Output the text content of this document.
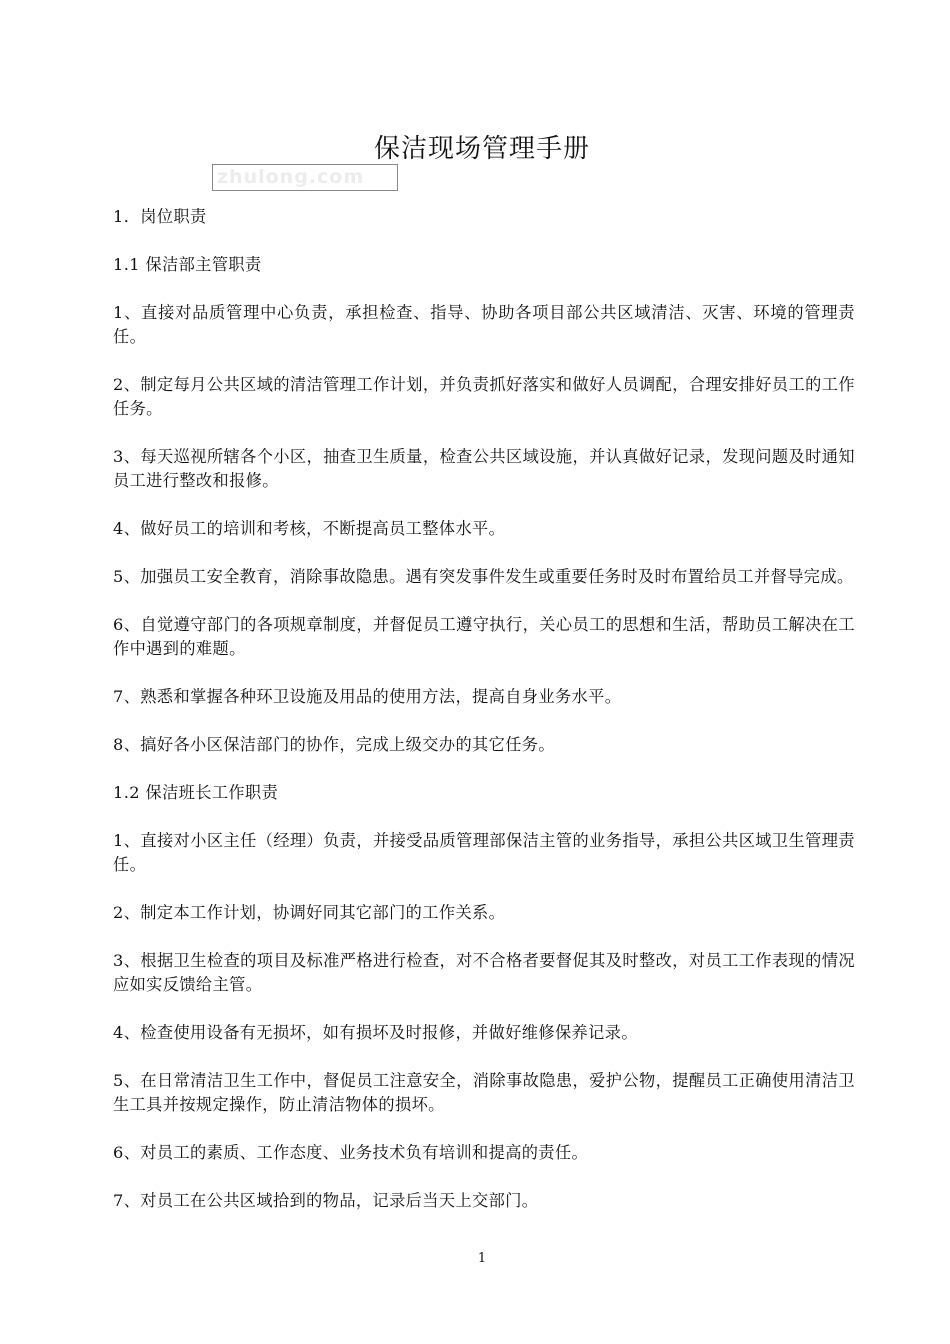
保洁现场管理手册
zhulong.com

1．岗位职责

1.1 保洁部主管职责

1、直接对品质管理中心负责，承担检查、指导、协助各项目部公共区域清洁、灭害、环境的管理责任。

2、制定每月公共区域的清洁管理工作计划，并负责抓好落实和做好人员调配，合理安排好员工的工作任务。

3、每天巡视所辖各个小区，抽查卫生质量，检查公共区域设施，并认真做好记录，发现问题及时通知员工进行整改和报修。

4、做好员工的培训和考核，不断提高员工整体水平。

5、加强员工安全教育，消除事故隐患。遇有突发事件发生或重要任务时及时布置给员工并督导完成。

6、自觉遵守部门的各项规章制度，并督促员工遵守执行，关心员工的思想和生活，帮助员工解决在工作中遇到的难题。

7、熟悉和掌握各种环卫设施及用品的使用方法，提高自身业务水平。

8、搞好各小区保洁部门的协作，完成上级交办的其它任务。

1.2 保洁班长工作职责

1、直接对小区主任（经理）负责，并接受品质管理部保洁主管的业务指导，承担公共区域卫生管理责任。

2、制定本工作计划，协调好同其它部门的工作关系。

3、根据卫生检查的项目及标准严格进行检查，对不合格者要督促其及时整改，对员工工作表现的情况应如实反馈给主管。

4、检查使用设备有无损坏，如有损坏及时报修，并做好维修保养记录。

5、在日常清洁卫生工作中，督促员工注意安全，消除事故隐患，爱护公物，提醒员工正确使用清洁卫生工具并按规定操作，防止清洁物体的损坏。

6、对员工的素质、工作态度、业务技术负有培训和提高的责任。

7、对员工在公共区域拾到的物品，记录后当天上交部门。

1
